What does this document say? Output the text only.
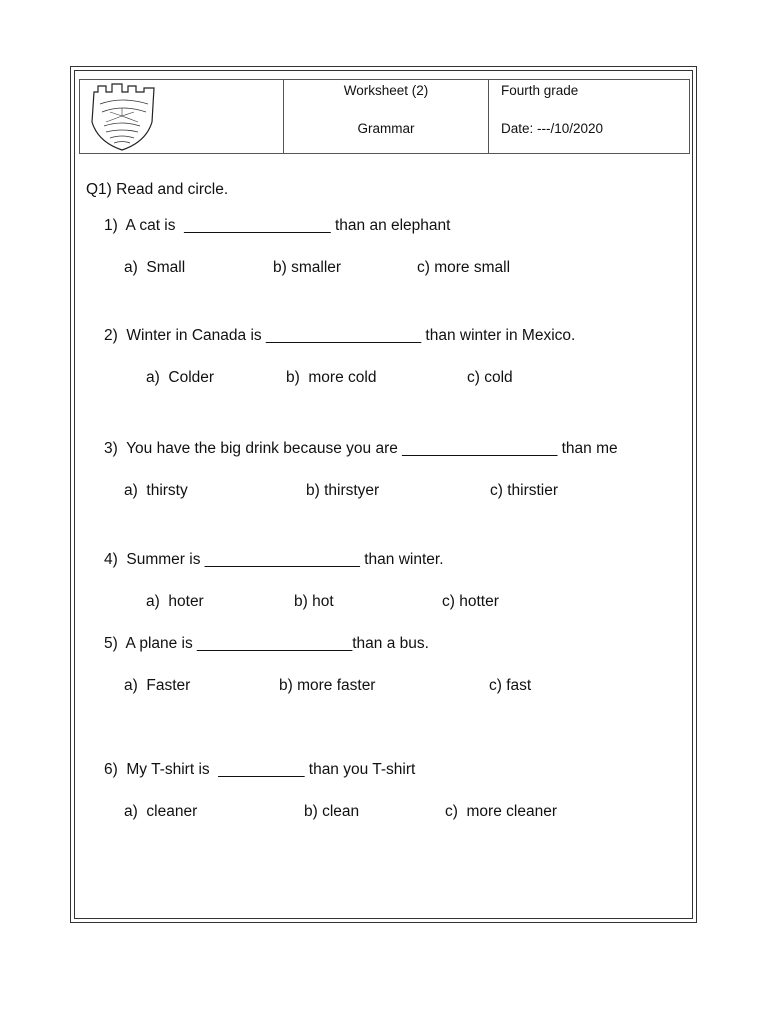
Worksheet (2)
Grammar

Fourth grade
Date: ---/10/2020
Q1) Read and circle.
1)  A cat is  _________________ than an elephant
a)  Small	b) smaller	c) more small
2)  Winter in Canada is __________________ than winter in Mexico.
a)  Colder	b)  more cold	c) cold
3)  You have the big drink because you are __________________ than me
a)  thirsty	b) thirstyer	c) thirstier
4)  Summer is __________________ than winter.
a)  hoter	b) hot	c) hotter
5)  A plane is __________________than a bus.
a)  Faster	b) more faster	c) fast
6)  My T-shirt is  __________ than you T-shirt
a)  cleaner	b) clean	c)  more cleaner
